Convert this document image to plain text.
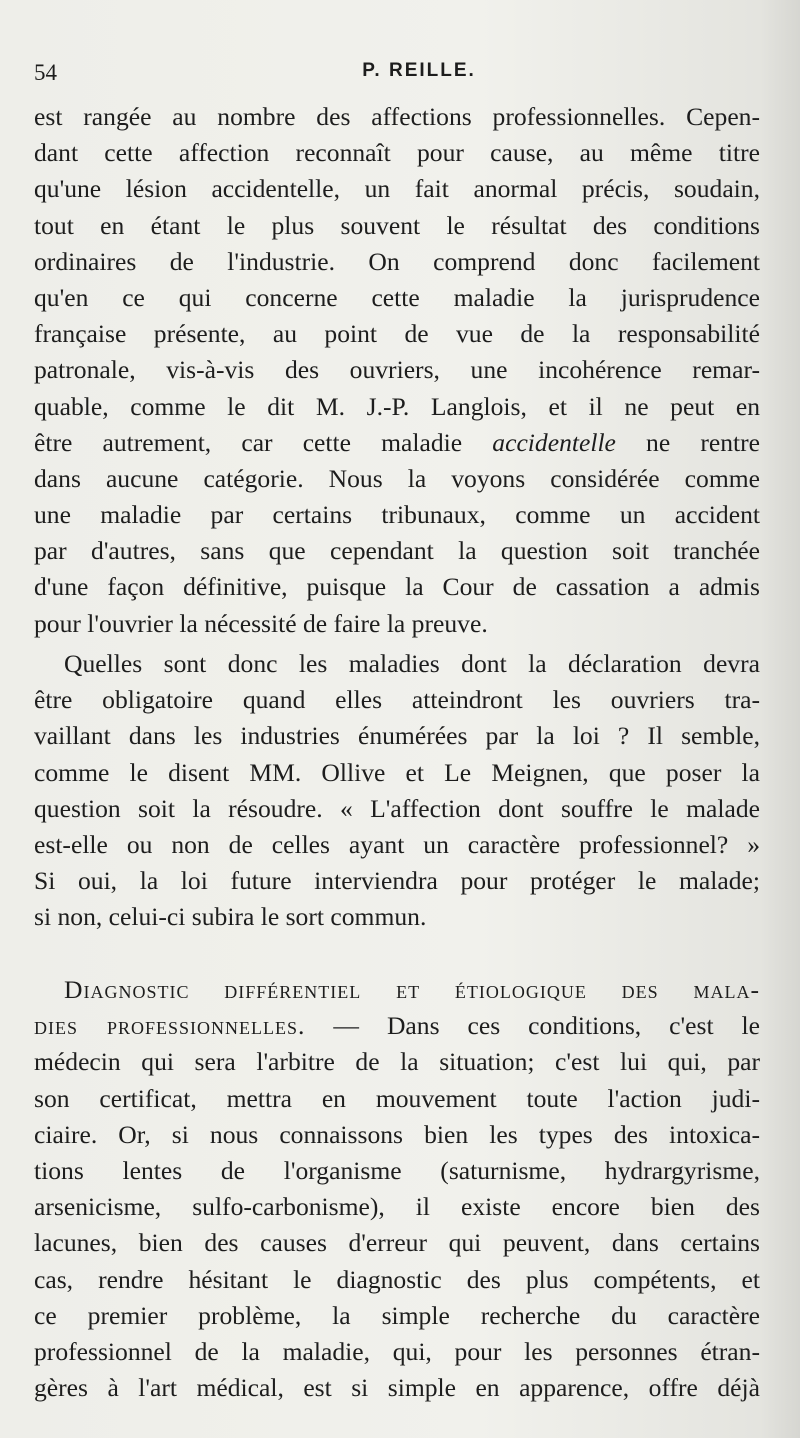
54	P. REILLE.
est rangée au nombre des affections professionnelles. Cepen-
dant cette affection reconnaît pour cause, au même titre
qu'une lésion accidentelle, un fait anormal précis, soudain,
tout en étant le plus souvent le résultat des conditions
ordinaires de l'industrie. On comprend donc facilement
qu'en ce qui concerne cette maladie la jurisprudence
française présente, au point de vue de la responsabilité
patronale, vis-à-vis des ouvriers, une incohérence remar-
quable, comme le dit M. J.-P. Langlois, et il ne peut en
être autrement, car cette maladie accidentelle ne rentre
dans aucune catégorie. Nous la voyons considérée comme
une maladie par certains tribunaux, comme un accident
par d'autres, sans que cependant la question soit tranchée
d'une façon définitive, puisque la Cour de cassation a admis
pour l'ouvrier la nécessité de faire la preuve.
Quelles sont donc les maladies dont la déclaration devra
être obligatoire quand elles atteindront les ouvriers tra-
vaillant dans les industries énumérées par la loi ? Il semble,
comme le disent MM. Ollive et Le Meignen, que poser la
question soit la résoudre. « L'affection dont souffre le malade
est-elle ou non de celles ayant un caractère professionnel? »
Si oui, la loi future interviendra pour protéger le malade;
si non, celui-ci subira le sort commun.
Diagnostic différentiel et étiologique des mala-
dies professionnelles. — Dans ces conditions, c'est le
médecin qui sera l'arbitre de la situation; c'est lui qui, par
son certificat, mettra en mouvement toute l'action judi-
ciaire. Or, si nous connaissons bien les types des intoxica-
tions lentes de l'organisme (saturnisme, hydrargyrisme,
arsenicisme, sulfo-carbonisme), il existe encore bien des
lacunes, bien des causes d'erreur qui peuvent, dans certains
cas, rendre hésitant le diagnostic des plus compétents, et
ce premier problème, la simple recherche du caractère
professionnel de la maladie, qui, pour les personnes étran-
gères à l'art médical, est si simple en apparence, offre déjà
